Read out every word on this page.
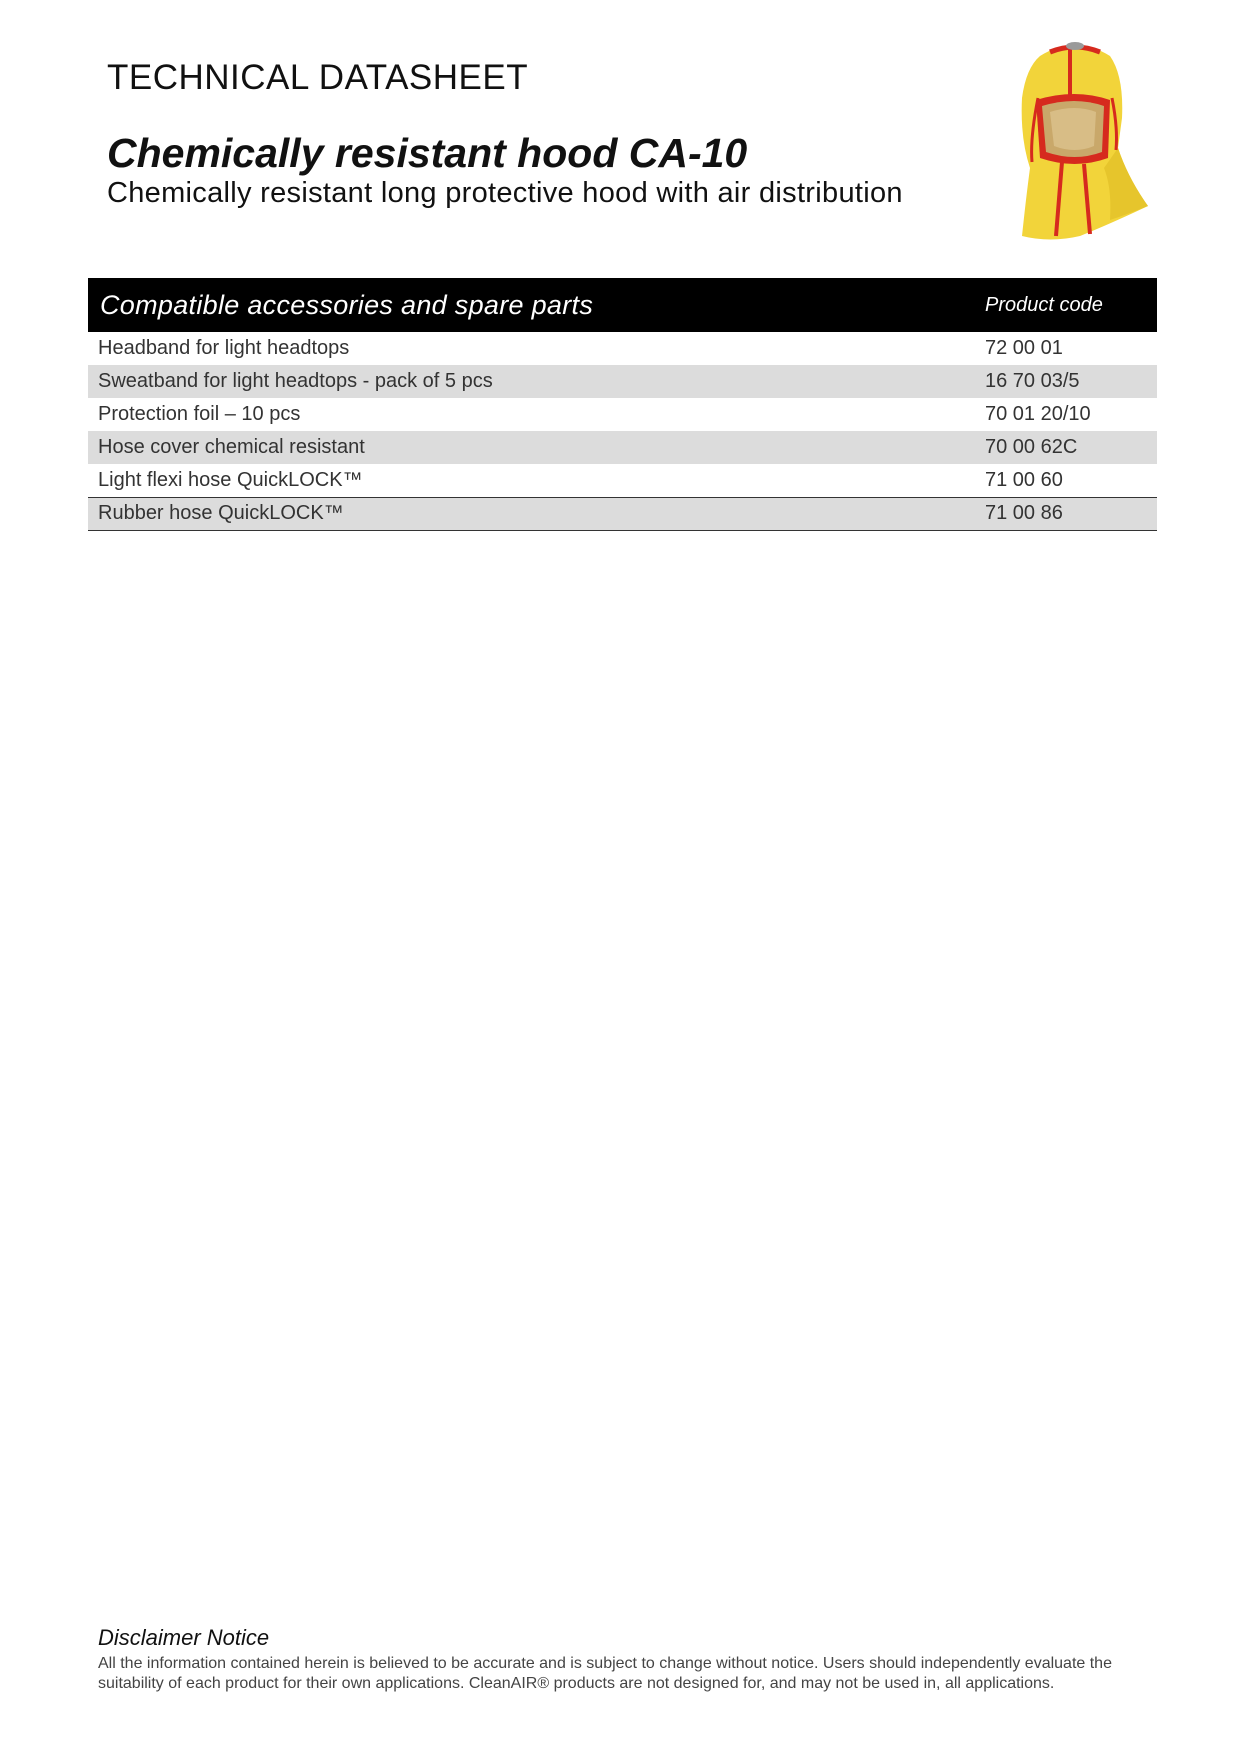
TECHNICAL DATASHEET
Chemically resistant hood CA-10
Chemically resistant long protective hood with air distribution
Compatible accessories and spare parts	Product code
Headband for light headtops	72 00 01
Sweatband for light headtops - pack of 5 pcs	16 70 03/5
Protection foil – 10 pcs	70 01 20/10
Hose cover chemical resistant	70 00 62C
Light flexi hose QuickLOCK™	71 00 60
Rubber hose QuickLOCK™	71 00 86
Disclaimer Notice
All the information contained herein is believed to be accurate and is subject to change without notice. Users should independently evaluate the suitability of each product for their own applications. CleanAIR® products are not designed for, and may not be used in, all applications.
